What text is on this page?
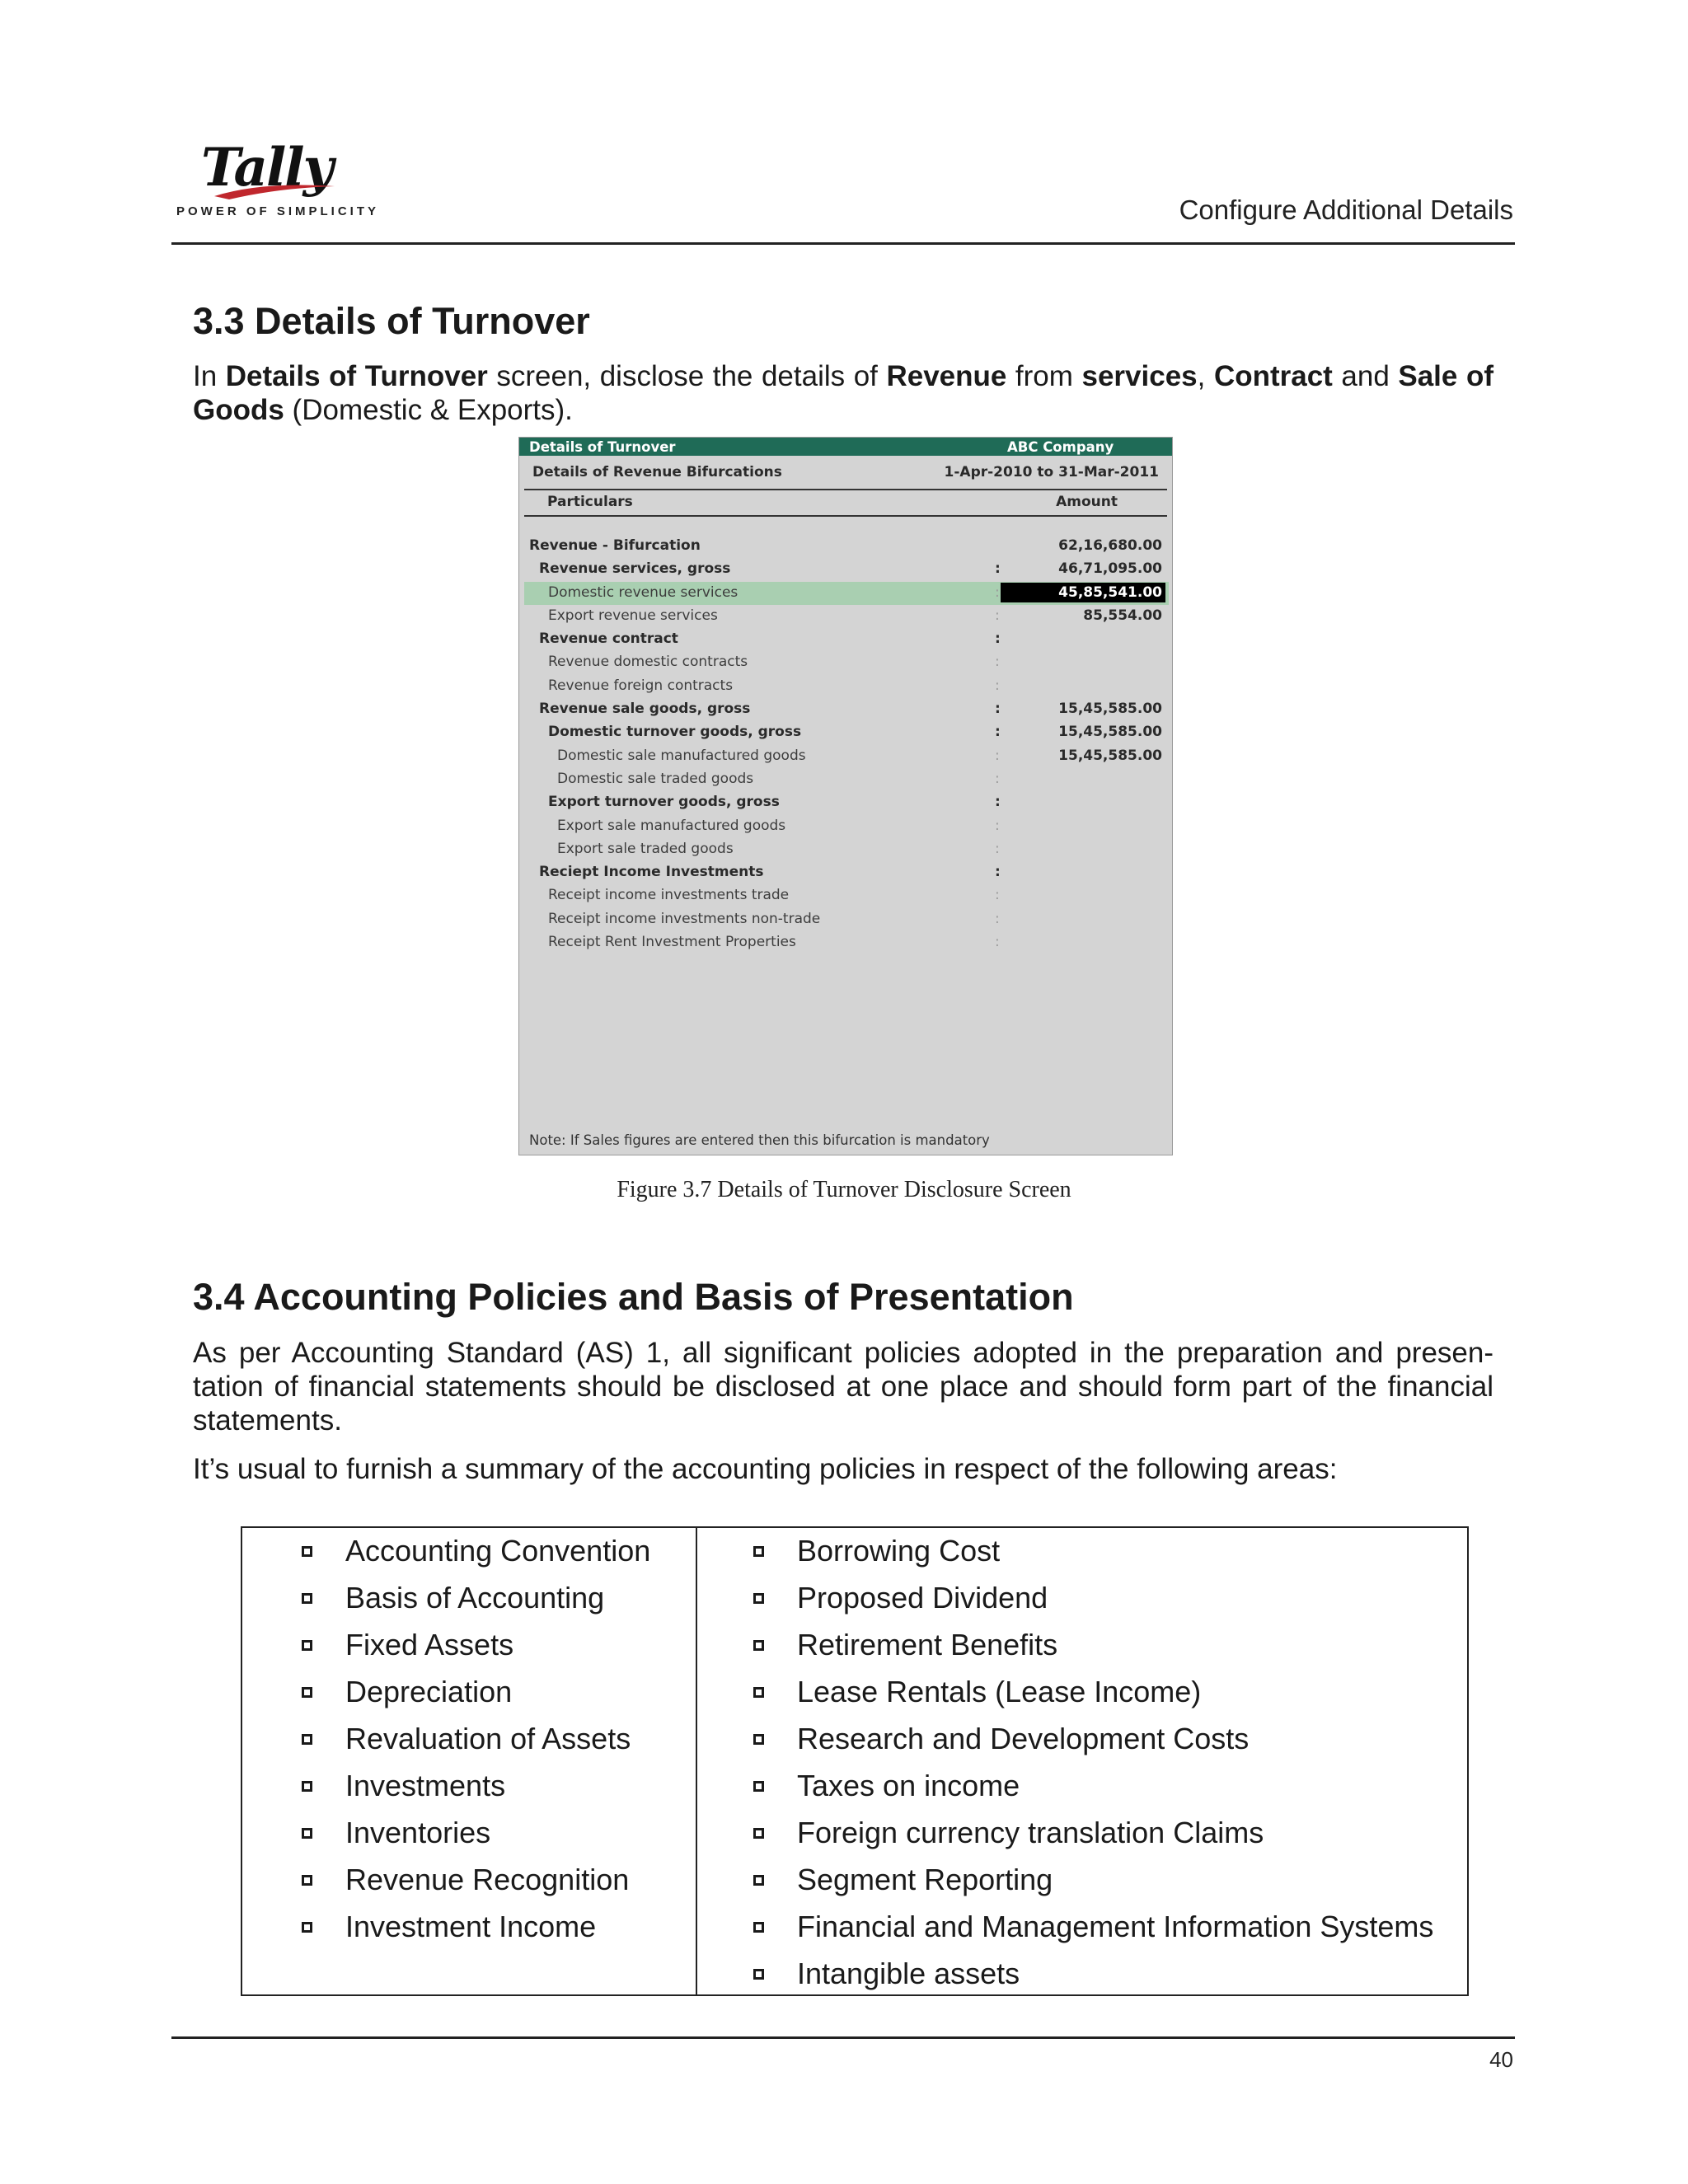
Tally
POWER OF SIMPLICITY	Configure Additional Details
3.3 Details of Turnover

In Details of Turnover screen, disclose the details of Revenue from services, Contract and Sale of Goods (Domestic & Exports).

Details of Turnover	ABC Company
Details of Revenue Bifurcations	1-Apr-2010 to 31-Mar-2011
Particulars	Amount
Revenue - Bifurcation	62,16,680.00
Revenue services, gross	:	46,71,095.00
Domestic revenue services	:	45,85,541.00
Export revenue services	:	85,554.00
Revenue contract	:
Revenue domestic contracts	:
Revenue foreign contracts	:
Revenue sale goods, gross	:	15,45,585.00
Domestic turnover goods, gross	:	15,45,585.00
Domestic sale manufactured goods	:	15,45,585.00
Domestic sale traded goods	:
Export turnover goods, gross	:
Export sale manufactured goods	:
Export sale traded goods	:
Reciept Income Investments	:
Receipt income investments trade	:
Receipt income investments non-trade	:
Receipt Rent Investment Properties	:
Note: If Sales figures are entered then this bifurcation is mandatory
Figure 3.7 Details of Turnover Disclosure Screen
3.4 Accounting Policies and Basis of Presentation

As per Accounting Standard (AS) 1, all significant policies adopted in the preparation and presen- tation of financial statements should be disclosed at one place and should form part of the financial statements.

It’s usual to furnish a summary of the accounting policies in respect of the following areas:

Accounting Convention
Basis of Accounting
Fixed Assets
Depreciation
Revaluation of Assets
Investments
Inventories
Revenue Recognition
Investment Income
Borrowing Cost
Proposed Dividend
Retirement Benefits
Lease Rentals (Lease Income)
Research and Development Costs
Taxes on income
Foreign currency translation Claims
Segment Reporting
Financial and Management Information Systems
Intangible assets
40
